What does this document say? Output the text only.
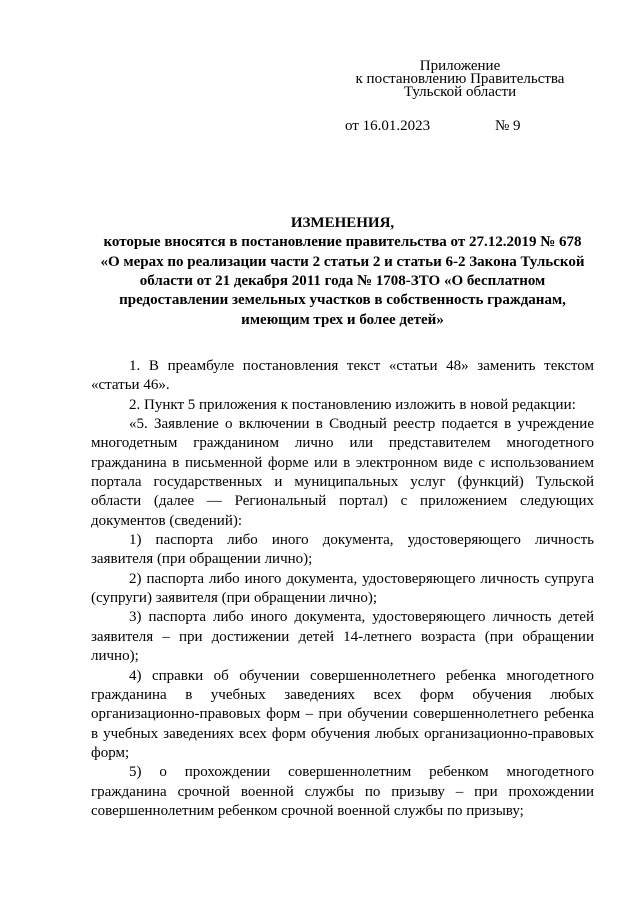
Приложение
к постановлению Правительства
Тульской области
от 16.01.2023	№ 9
ИЗМЕНЕНИЯ,
которые вносятся в постановление правительства от 27.12.2019 № 678
«О мерах по реализации части 2 статьи 2 и статьи 6-2 Закона Тульской
области от 21 декабря 2011 года № 1708-ЗТО «О бесплатном
предоставлении земельных участков в собственность гражданам,
имеющим трех и более детей»
1. В преамбуле постановления текст «статьи 48» заменить текстом
«статьи 46».
2. Пункт 5 приложения к постановлению изложить в новой редакции:
«5. Заявление о включении в Сводный реестр подается в учреждение
многодетным гражданином лично или представителем многодетного
гражданина в письменной форме или в электронном виде с использованием
портала государственных и муниципальных услуг (функций) Тульской
области (далее — Региональный портал) с приложением следующих
документов (сведений):
1) паспорта либо иного документа, удостоверяющего личность
заявителя (при обращении лично);
2) паспорта либо иного документа, удостоверяющего личность супруга
(супруги) заявителя (при обращении лично);
3) паспорта либо иного документа, удостоверяющего личность детей
заявителя – при достижении детей 14-летнего возраста (при обращении
лично);
4) справки об обучении совершеннолетнего ребенка многодетного
гражданина в учебных заведениях всех форм обучения любых
организационно-правовых форм – при обучении совершеннолетнего ребенка
в учебных заведениях всех форм обучения любых организационно-правовых
форм;
5) о прохождении совершеннолетним ребенком многодетного
гражданина срочной военной службы по призыву – при прохождении
совершеннолетним ребенком срочной военной службы по призыву;
